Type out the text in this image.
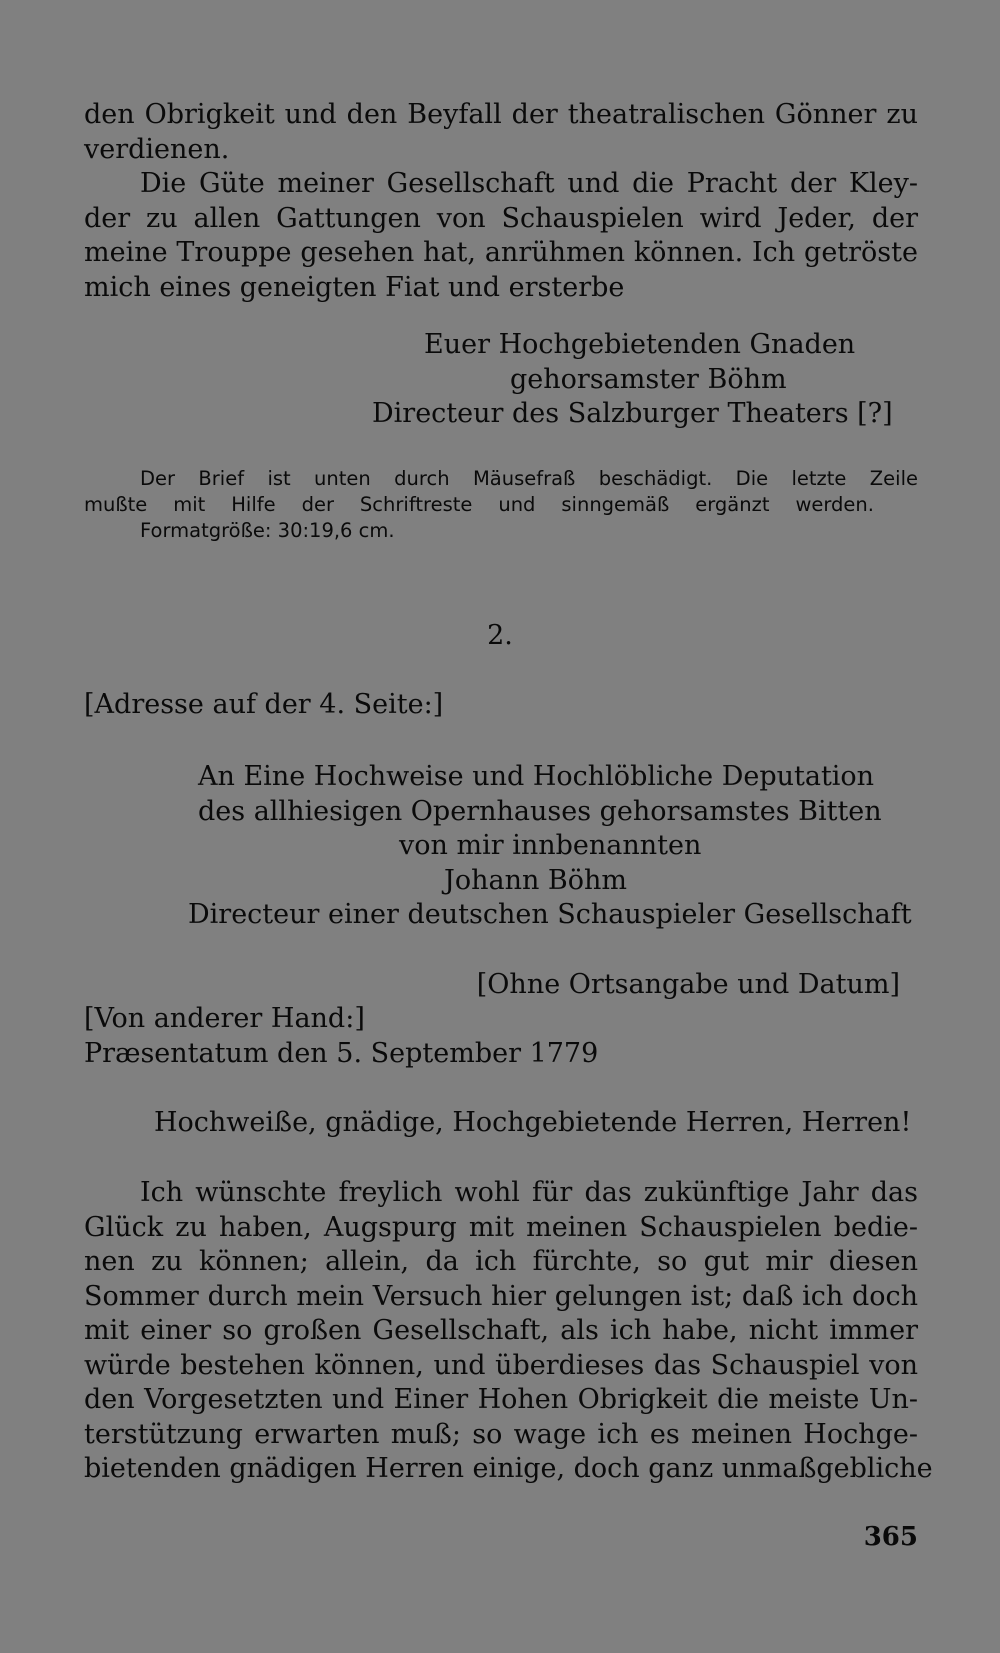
den Obrigkeit und den Beyfall der theatralischen Gönner zu
verdienen.
Die Güte meiner Gesellschaft und die Pracht der Kley-
der zu allen Gattungen von Schauspielen wird Jeder, der
meine Trouppe gesehen hat, anrühmen können. Ich getröste
mich eines geneigten Fiat und ersterbe
Euer Hochgebietenden Gnaden
gehorsamster Böhm
Directeur des Salzburger Theaters [?]
Der Brief ist unten durch Mäusefraß beschädigt. Die letzte Zeile
mußte mit Hilfe der Schriftreste und sinngemäß ergänzt werden.
Formatgröße: 30:19,6 cm.
2.
[Adresse auf der 4. Seite:]
An Eine Hochweise und Hochlöbliche Deputation
des allhiesigen Opernhauses gehorsamstes Bitten
von mir innbenannten
Johann Böhm
Directeur einer deutschen Schauspieler Gesellschaft
[Ohne Ortsangabe und Datum]
[Von anderer Hand:]
Præsentatum den 5. September 1779
Hochweiße, gnädige, Hochgebietende Herren, Herren!
Ich wünschte freylich wohl für das zukünftige Jahr das
Glück zu haben, Augspurg mit meinen Schauspielen bedie-
nen zu können; allein, da ich fürchte, so gut mir diesen
Sommer durch mein Versuch hier gelungen ist; daß ich doch
mit einer so großen Gesellschaft, als ich habe, nicht immer
würde bestehen können, und überdieses das Schauspiel von
den Vorgesetzten und Einer Hohen Obrigkeit die meiste Un-
terstützung erwarten muß; so wage ich es meinen Hochge-
bietenden gnädigen Herren einige, doch ganz unmaßgebliche
365
